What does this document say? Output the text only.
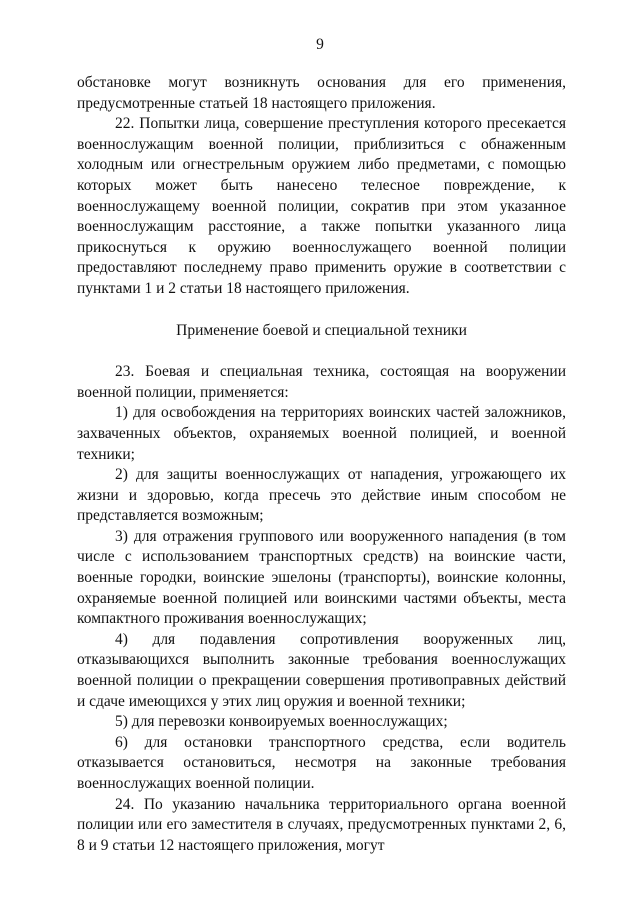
9

обстановке могут возникнуть основания для его применения, предусмотренные статьей 18 настоящего приложения.

22. Попытки лица, совершение преступления которого пресекается военнослужащим военной полиции, приблизиться с обнаженным холодным или огнестрельным оружием либо предметами, с помощью которых может быть нанесено телесное повреждение, к военнослужащему военной полиции, сократив при этом указанное военнослужащим расстояние, а также попытки указанного лица прикоснуться к оружию военнослужащего военной полиции предоставляют последнему право применить оружие в соответствии с пунктами 1 и 2 статьи 18 настоящего приложения.

Применение боевой и специальной техники

23. Боевая и специальная техника, состоящая на вооружении военной полиции, применяется:

1) для освобождения на территориях воинских частей заложников, захваченных объектов, охраняемых военной полицией, и военной техники;

2) для защиты военнослужащих от нападения, угрожающего их жизни и здоровью, когда пресечь это действие иным способом не представляется возможным;

3) для отражения группового или вооруженного нападения (в том числе с использованием транспортных средств) на воинские части, военные городки, воинские эшелоны (транспорты), воинские колонны, охраняемые военной полицией или воинскими частями объекты, места компактного проживания военнослужащих;

4) для подавления сопротивления вооруженных лиц, отказывающихся выполнить законные требования военнослужащих военной полиции о прекращении совершения противоправных действий и сдаче имеющихся у этих лиц оружия и военной техники;

5) для перевозки конвоируемых военнослужащих;

6) для остановки транспортного средства, если водитель отказывается остановиться, несмотря на законные требования военнослужащих военной полиции.

24. По указанию начальника территориального органа военной полиции или его заместителя в случаях, предусмотренных пунктами 2, 6, 8 и 9 статьи 12 настоящего приложения, могут
